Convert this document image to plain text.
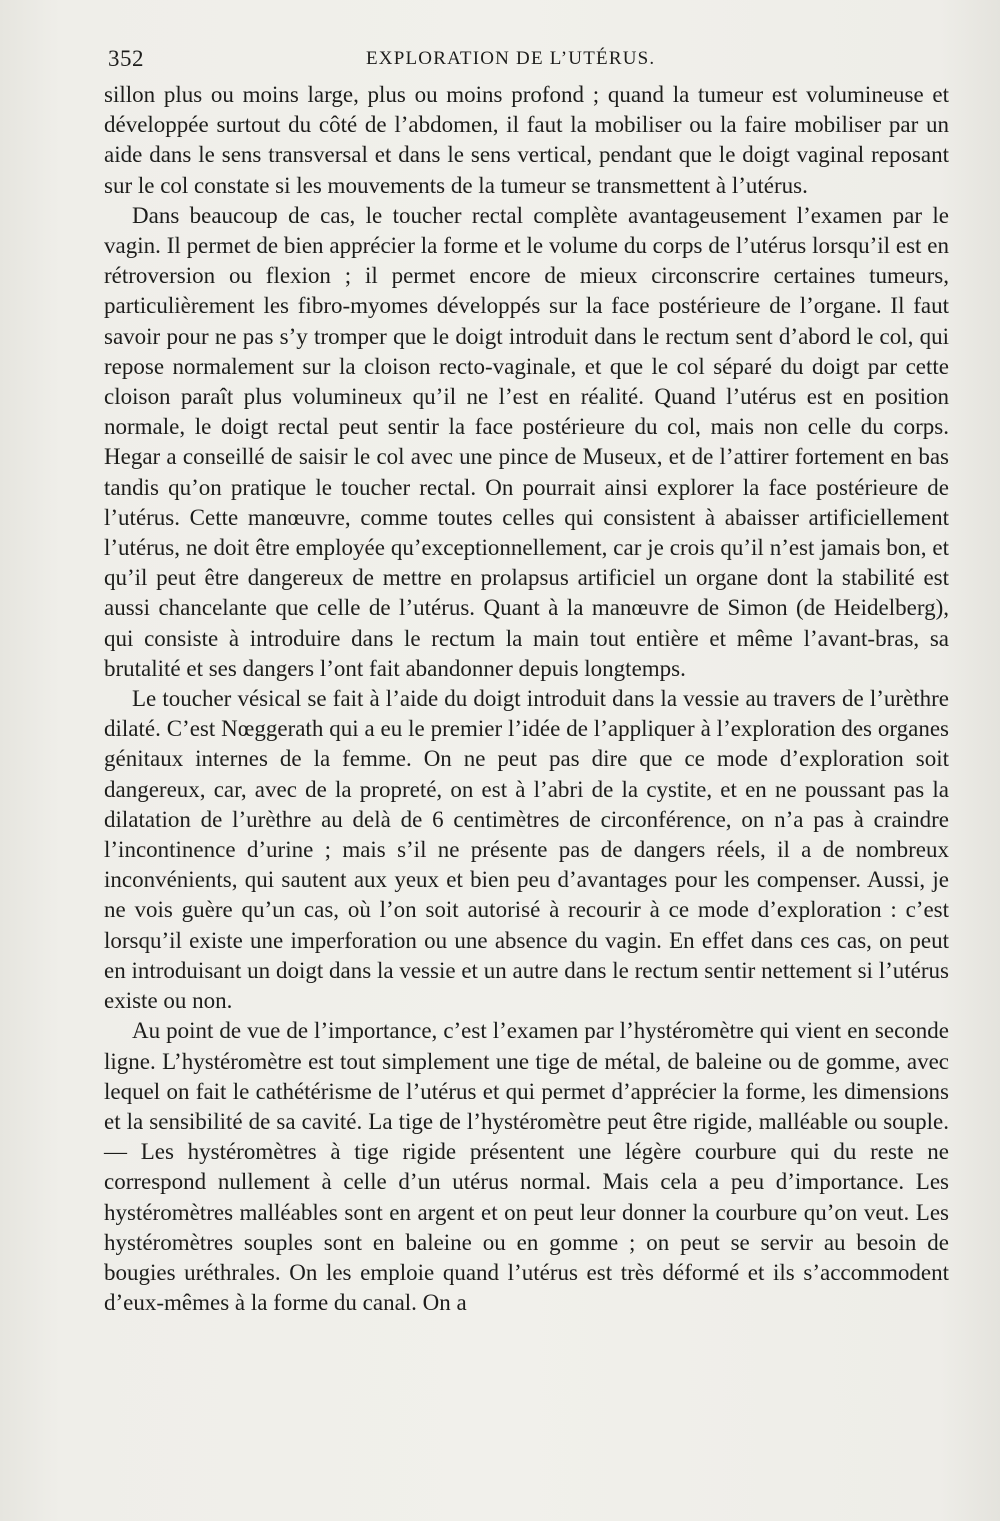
352	EXPLORATION DE L’UTÉRUS.

sillon plus ou moins large, plus ou moins profond ; quand la tumeur est volumineuse et développée surtout du côté de l’abdomen, il faut la mobiliser ou la faire mobiliser par un aide dans le sens transversal et dans le sens vertical, pendant que le doigt vaginal reposant sur le col constate si les mouvements de la tumeur se transmettent à l’utérus.

Dans beaucoup de cas, le toucher rectal complète avantageusement l’examen par le vagin. Il permet de bien apprécier la forme et le volume du corps de l’utérus lorsqu’il est en rétroversion ou flexion ; il permet encore de mieux circonscrire certaines tumeurs, particulièrement les fibro-myomes développés sur la face postérieure de l’organe. Il faut savoir pour ne pas s’y tromper que le doigt introduit dans le rectum sent d’abord le col, qui repose normalement sur la cloison recto-vaginale, et que le col séparé du doigt par cette cloison paraît plus volumineux qu’il ne l’est en réalité. Quand l’utérus est en position normale, le doigt rectal peut sentir la face postérieure du col, mais non celle du corps. Hegar a conseillé de saisir le col avec une pince de Museux, et de l’attirer fortement en bas tandis qu’on pratique le toucher rectal. On pourrait ainsi explorer la face postérieure de l’utérus. Cette manœuvre, comme toutes celles qui consistent à abaisser artificiellement l’utérus, ne doit être employée qu’exceptionnellement, car je crois qu’il n’est jamais bon, et qu’il peut être dangereux de mettre en prolapsus artificiel un organe dont la stabilité est aussi chancelante que celle de l’utérus. Quant à la manœuvre de Simon (de Heidelberg), qui consiste à introduire dans le rectum la main tout entière et même l’avant-bras, sa brutalité et ses dangers l’ont fait abandonner depuis longtemps.

Le toucher vésical se fait à l’aide du doigt introduit dans la vessie au travers de l’urèthre dilaté. C’est Nœggerath qui a eu le premier l’idée de l’appliquer à l’exploration des organes génitaux internes de la femme. On ne peut pas dire que ce mode d’exploration soit dangereux, car, avec de la propreté, on est à l’abri de la cystite, et en ne poussant pas la dilatation de l’urèthre au delà de 6 centimètres de circonférence, on n’a pas à craindre l’incontinence d’urine ; mais s’il ne présente pas de dangers réels, il a de nombreux inconvénients, qui sautent aux yeux et bien peu d’avantages pour les compenser. Aussi, je ne vois guère qu’un cas, où l’on soit autorisé à recourir à ce mode d’exploration : c’est lorsqu’il existe une imperforation ou une absence du vagin. En effet dans ces cas, on peut en introduisant un doigt dans la vessie et un autre dans le rectum sentir nettement si l’utérus existe ou non.

Au point de vue de l’importance, c’est l’examen par l’hystéromètre qui vient en seconde ligne. L’hystéromètre est tout simplement une tige de métal, de baleine ou de gomme, avec lequel on fait le cathétérisme de l’utérus et qui permet d’apprécier la forme, les dimensions et la sensibilité de sa cavité. La tige de l’hystéromètre peut être rigide, malléable ou souple. — Les hystéromètres à tige rigide présentent une légère courbure qui du reste ne correspond nullement à celle d’un utérus normal. Mais cela a peu d’importance. Les hystéromètres malléables sont en argent et on peut leur donner la courbure qu’on veut. Les hystéromètres souples sont en baleine ou en gomme ; on peut se servir au besoin de bougies uréthrales. On les emploie quand l’utérus est très déformé et ils s’accommodent d’eux-mêmes à la forme du canal. On a
